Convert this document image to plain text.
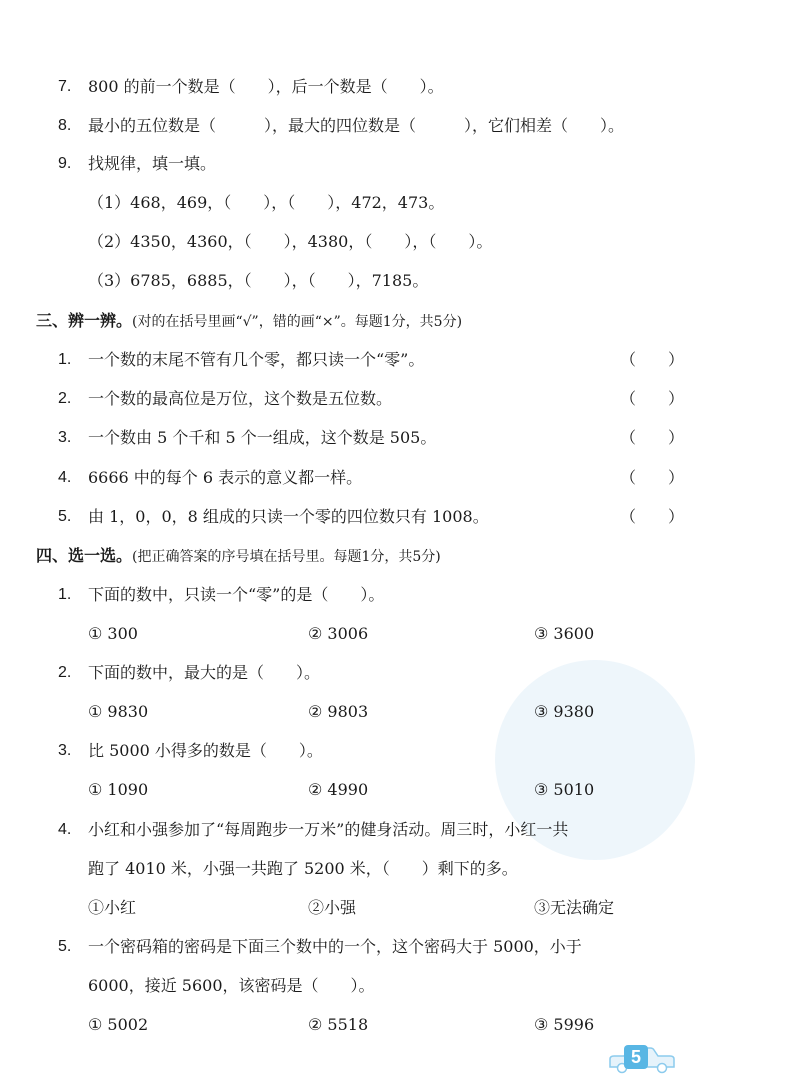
7.	800 的前一个数是（　　），后一个数是（　　）。
8.	最小的五位数是（　　　），最大的四位数是（　　　），它们相差（　　）。
9.	找规律，填一填。
（1）468，469，（　　），（　　），472，473。
（2）4350，4360，（　　），4380，（　　），（　　）。
（3）6785，6885，（　　），（　　），7185。
三、辨一辨。(对的在括号里画“√”，错的画“×”。每题1分，共5分)
1.	一个数的末尾不管有几个零，都只读一个“零”。	（　　）
2.	一个数的最高位是万位，这个数是五位数。	（　　）
3.	一个数由 5 个千和 5 个一组成，这个数是 505。	（　　）
4.	6666 中的每个 6 表示的意义都一样。	（　　）
5.	由 1，0，0，8 组成的只读一个零的四位数只有 1008。	（　　）
四、选一选。(把正确答案的序号填在括号里。每题1分，共5分)
1.	下面的数中，只读一个“零”的是（　　）。
① 300	② 3006	③ 3600
2.	下面的数中，最大的是（　　）。
① 9830	② 9803	③ 9380
3.	比 5000 小得多的数是（　　）。
① 1090	② 4990	③ 5010
4.	小红和小强参加了“每周跑步一万米”的健身活动。周三时，小红一共
跑了 4010 米，小强一共跑了 5200 米，（　　）剩下的多。
①小红	②小强	③无法确定
5.	一个密码箱的密码是下面三个数中的一个，这个密码大于 5000，小于
6000，接近 5600，该密码是（　　）。
① 5002	② 5518	③ 5996
5
